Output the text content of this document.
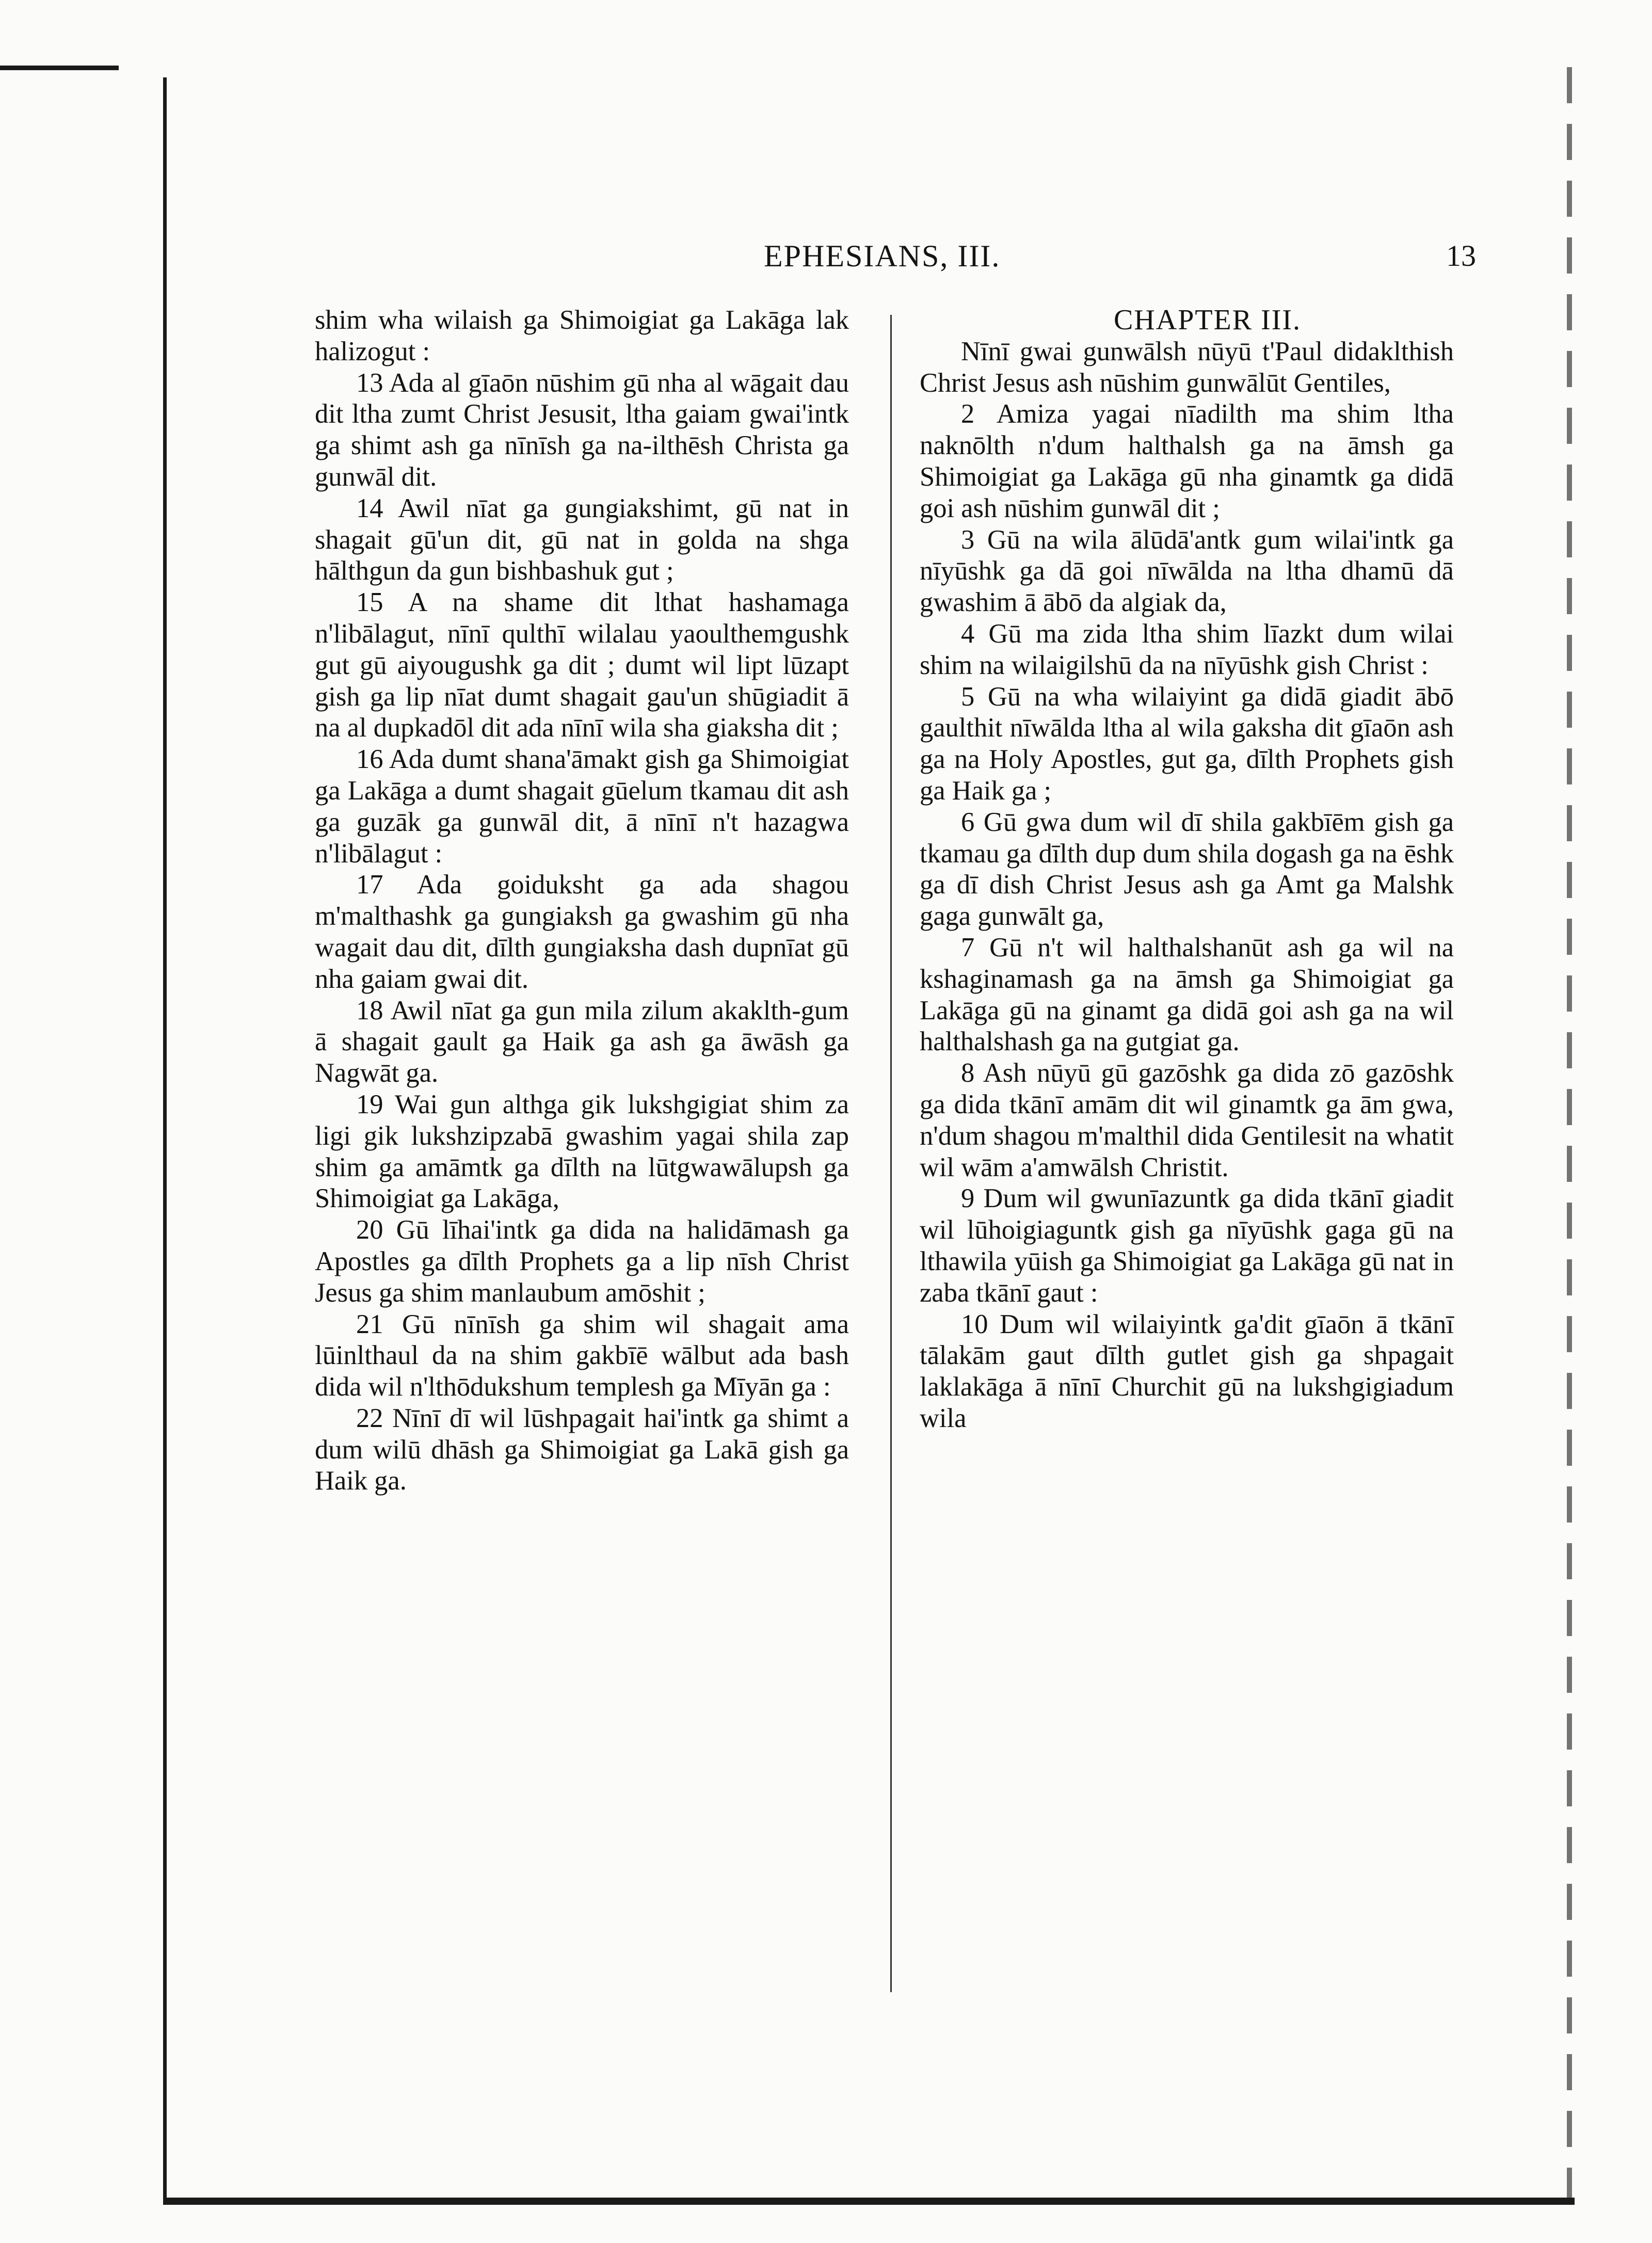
EPHESIANS, III.	13

shim wha wilaish ga Shimoigiat ga Lakāga lak halizogut :

13 Ada al gīaōn nūshim gū nha al wāgait dau dit ltha zumt Christ Jesusit, ltha gaiam gwai'intk ga shimt ash ga nīnīsh ga na-ilthēsh Christa ga gunwāl dit.

14 Awil nīat ga gungiakshimt, gū nat in shagait gū'un dit, gū nat in golda na shga hālthgun da gun bishbashuk gut ;

15 A na shame dit lthat hashamaga n'libālagut, nīnī qulthī wilalau yaoulthemgushk gut gū aiyougushk ga dit ; dumt wil lipt lūzapt gish ga lip nīat dumt shagait gau'un shūgiadit ā na al dupkadōl dit ada nīnī wila sha giaksha dit ;

16 Ada dumt shana'āmakt gish ga Shimoigiat ga Lakāga a dumt shagait gūelum tkamau dit ash ga guzāk ga gunwāl dit, ā nīnī n't hazagwa n'libālagut :

17 Ada goiduksht ga ada shagou m'malthashk ga gungiaksh ga gwashim gū nha wagait dau dit, dīlth gungiaksha dash dupnīat gū nha gaiam gwai dit.

18 Awil nīat ga gun mila zilum akaklth-gum ā shagait gault ga Haik ga ash ga āwāsh ga Nagwāt ga.

19 Wai gun althga gik lukshgigiat shim za ligi gik lukshzipzabā gwashim yagai shila zap shim ga amāmtk ga dīlth na lūtgwawālupsh ga Shimoigiat ga Lakāga,

20 Gū līhai'intk ga dida na halidāmash ga Apostles ga dīlth Prophets ga a lip nīsh Christ Jesus ga shim manlaubum amōshit ;

21 Gū nīnīsh ga shim wil shagait ama lūinlthaul da na shim gakbīē wālbut ada bash dida wil n'lthōdukshum templesh ga Mīyān ga :

22 Nīnī dī wil lūshpagait hai'intk ga shimt a dum wilū dhāsh ga Shimoigiat ga Lakā gish ga Haik ga.

CHAPTER III.

Nīnī gwai gunwālsh nūyū t'Paul didaklthish Christ Jesus ash nūshim gunwālūt Gentiles,

2 Amiza yagai nīadilth ma shim ltha naknōlth n'dum halthalsh ga na āmsh ga Shimoigiat ga Lakāga gū nha ginamtk ga didā goi ash nūshim gunwāl dit ;

3 Gū na wila ālūdā'antk gum wilai'intk ga nīyūshk ga dā goi nīwālda na ltha dhamū dā gwashim ā ābō da algiak da,

4 Gū ma zida ltha shim līazkt dum wilai shim na wilaigilshū da na nīyūshk gish Christ :

5 Gū na wha wilaiyint ga didā giadit ābō gaulthit nīwālda ltha al wila gaksha dit gīaōn ash ga na Holy Apostles, gut ga, dīlth Prophets gish ga Haik ga ;

6 Gū gwa dum wil dī shila gakbīēm gish ga tkamau ga dīlth dup dum shila dogash ga na ēshk ga dī dish Christ Jesus ash ga Amt ga Malshk gaga gunwālt ga,

7 Gū n't wil halthalshanūt ash ga wil na kshaginamash ga na āmsh ga Shimoigiat ga Lakāga gū na ginamt ga didā goi ash ga na wil halthalshash ga na gutgiat ga.

8 Ash nūyū gū gazōshk ga dida zō gazōshk ga dida tkānī amām dit wil ginamtk ga ām gwa, n'dum shagou m'malthil dida Gentilesit na whatit wil wām a'amwālsh Christit.

9 Dum wil gwunīazuntk ga dida tkānī giadit wil lūhoigiaguntk gish ga nīyūshk gaga gū na lthawila yūish ga Shimoigiat ga Lakāga gū nat in zaba tkānī gaut :

10 Dum wil wilaiyintk ga'dit gīaōn ā tkānī tālakām gaut dīlth gutlet gish ga shpagait laklakāga ā nīnī Churchit gū na lukshgigiadum wila
